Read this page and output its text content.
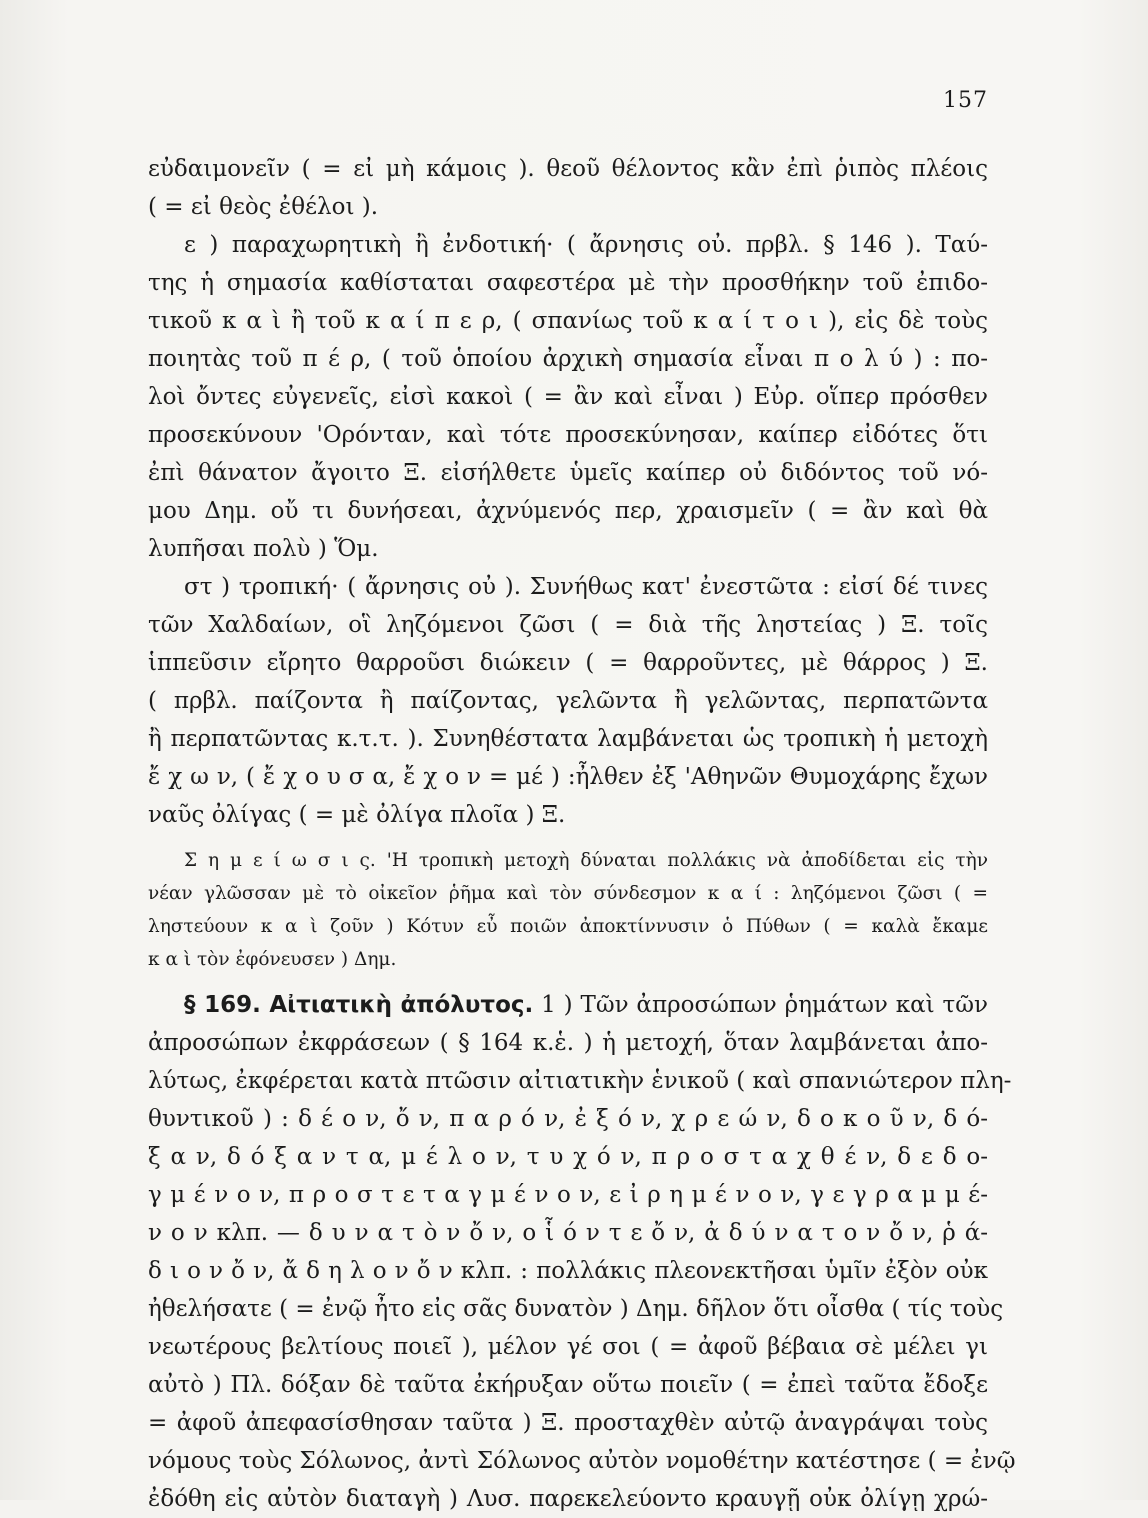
157
εὐδαιμονεῖν ( = εἰ μὴ κάμοις ). θεοῦ θέλοντος κἂν ἐπὶ ῥιπὸς πλέοις
( = εἰ θεὸς ἐθέλοι ).
ε ) παραχωρητικὴ ἢ ἐνδοτική· ( ἄρνησις οὐ. πρβλ. § 146 ). Ταύ-
της ἡ σημασία καθίσταται σαφεστέρα μὲ τὴν προσθήκην τοῦ ἐπιδο-
τικοῦ κ α ὶ ἢ τοῦ κ α ί π ε ρ, ( σπανίως τοῦ κ α ί τ ο ι ), εἰς δὲ τοὺς
ποιητὰς τοῦ π έ ρ, ( τοῦ ὁποίου ἀρχικὴ σημασία εἶναι π ο λ ύ ) : πο-
λοὶ ὄντες εὐγενεῖς, εἰσὶ κακοὶ ( = ἂν καὶ εἶναι ) Εὐρ. οἵπερ πρόσθεν
προσεκύνουν 'Ορόνταν, καὶ τότε προσεκύνησαν, καίπερ εἰδότες ὅτι
ἐπὶ θάνατον ἄγοιτο Ξ. εἰσήλθετε ὑμεῖς καίπερ οὐ διδόντος τοῦ νό-
μου Δημ. οὔ τι δυνήσεαι, ἀχνύμενός περ, χραισμεῖν ( = ἂν καὶ θὰ
λυπῆσαι πολὺ ) Ὅμ.
στ ) τροπική· ( ἄρνησις οὐ ). Συνήθως κατ' ἐνεστῶτα : εἰσί δέ τινες
τῶν Χαλδαίων, οἳ ληζόμενοι ζῶσι ( = διὰ τῆς ληστείας ) Ξ. τοῖς
ἱππεῦσιν εἴρητο θαρροῦσι διώκειν ( = θαρροῦντες, μὲ θάρρος ) Ξ.
( πρβλ. παίζοντα ἢ παίζοντας, γελῶντα ἢ γελῶντας, περπατῶντα
ἢ περπατῶντας κ.τ.τ. ). Συνηθέστατα λαμβάνεται ὡς τροπικὴ ἡ μετοχὴ
ἔ χ ω ν, ( ἔ χ ο υ σ α, ἔ χ ο ν = μέ ) :ἦλθεν ἐξ 'Αθηνῶν Θυμοχάρης ἔχων
ναῦς ὀλίγας ( = μὲ ὀλίγα πλοῖα ) Ξ.
Σ η μ ε ί ω σ ι ς. 'Η τροπικὴ μετοχὴ δύναται πολλάκις νὰ ἀποδίδεται εἰς τὴν
νέαν γλῶσσαν μὲ τὸ οἰκεῖον ῥῆμα καὶ τὸν σύνδεσμον κ α ί : ληζόμενοι ζῶσι ( =
ληστεύουν κ α ὶ ζοῦν ) Κότυν εὖ ποιῶν ἀποκτίννυσιν ὁ Πύθων ( = καλὰ ἔκαμε
κ α ὶ τὸν ἐφόνευσεν ) Δημ.
§ 169. Αἰτιατικὴ ἀπόλυτος. 1 ) Τῶν ἀπροσώπων ῥημάτων καὶ τῶν
ἀπροσώπων ἐκφράσεων ( § 164 κ.ἑ. ) ἡ μετοχή, ὅταν λαμβάνεται ἀπο-
λύτως, ἐκφέρεται κατὰ πτῶσιν αἰτιατικὴν ἑνικοῦ ( καὶ σπανιώτερον πλη-
θυντικοῦ ) : δ έ ο ν, ὄ ν, π α ρ ό ν, ἐ ξ ό ν, χ ρ ε ώ ν, δ ο κ ο ῦ ν, δ ό-
ξ α ν, δ ό ξ α ν τ α, μ έ λ ο ν, τ υ χ ό ν, π ρ ο σ τ α χ θ έ ν, δ ε δ ο-
γ μ έ ν ο ν, π ρ ο σ τ ε τ α γ μ έ ν ο ν, ε ἰ ρ η μ έ ν ο ν, γ ε γ ρ α μ μ έ-
ν ο ν κλπ. — δ υ ν α τ ὸ ν ὄ ν, ο ἷ ό ν τ ε ὄ ν, ἀ δ ύ ν α τ ο ν ὄ ν, ῥ ά-
δ ι ο ν ὄ ν, ἄ δ η λ ο ν ὄ ν κλπ. : πολλάκις πλεονεκτῆσαι ὑμῖν ἐξὸν οὐκ
ἠθελήσατε ( = ἐνῷ ἦτο εἰς σᾶς δυνατὸν ) Δημ. δῆλον ὅτι οἶσθα ( τίς τοὺς
νεωτέρους βελτίους ποιεῖ ), μέλον γέ σοι ( = ἀφοῦ βέβαια σὲ μέλει γι
αὐτὸ ) Πλ. δόξαν δὲ ταῦτα ἐκήρυξαν οὕτω ποιεῖν ( = ἐπεὶ ταῦτα ἔδοξε
= ἀφοῦ ἀπεφασίσθησαν ταῦτα ) Ξ. προσταχθὲν αὐτῷ ἀναγράψαι τοὺς
νόμους τοὺς Σόλωνος, ἀντὶ Σόλωνος αὐτὸν νομοθέτην κατέστησε ( = ἐνῷ
ἐδόθη εἰς αὐτὸν διαταγὴ ) Λυσ. παρεκελεύοντο κραυγῇ οὐκ ὀλίγῃ χρώ-
